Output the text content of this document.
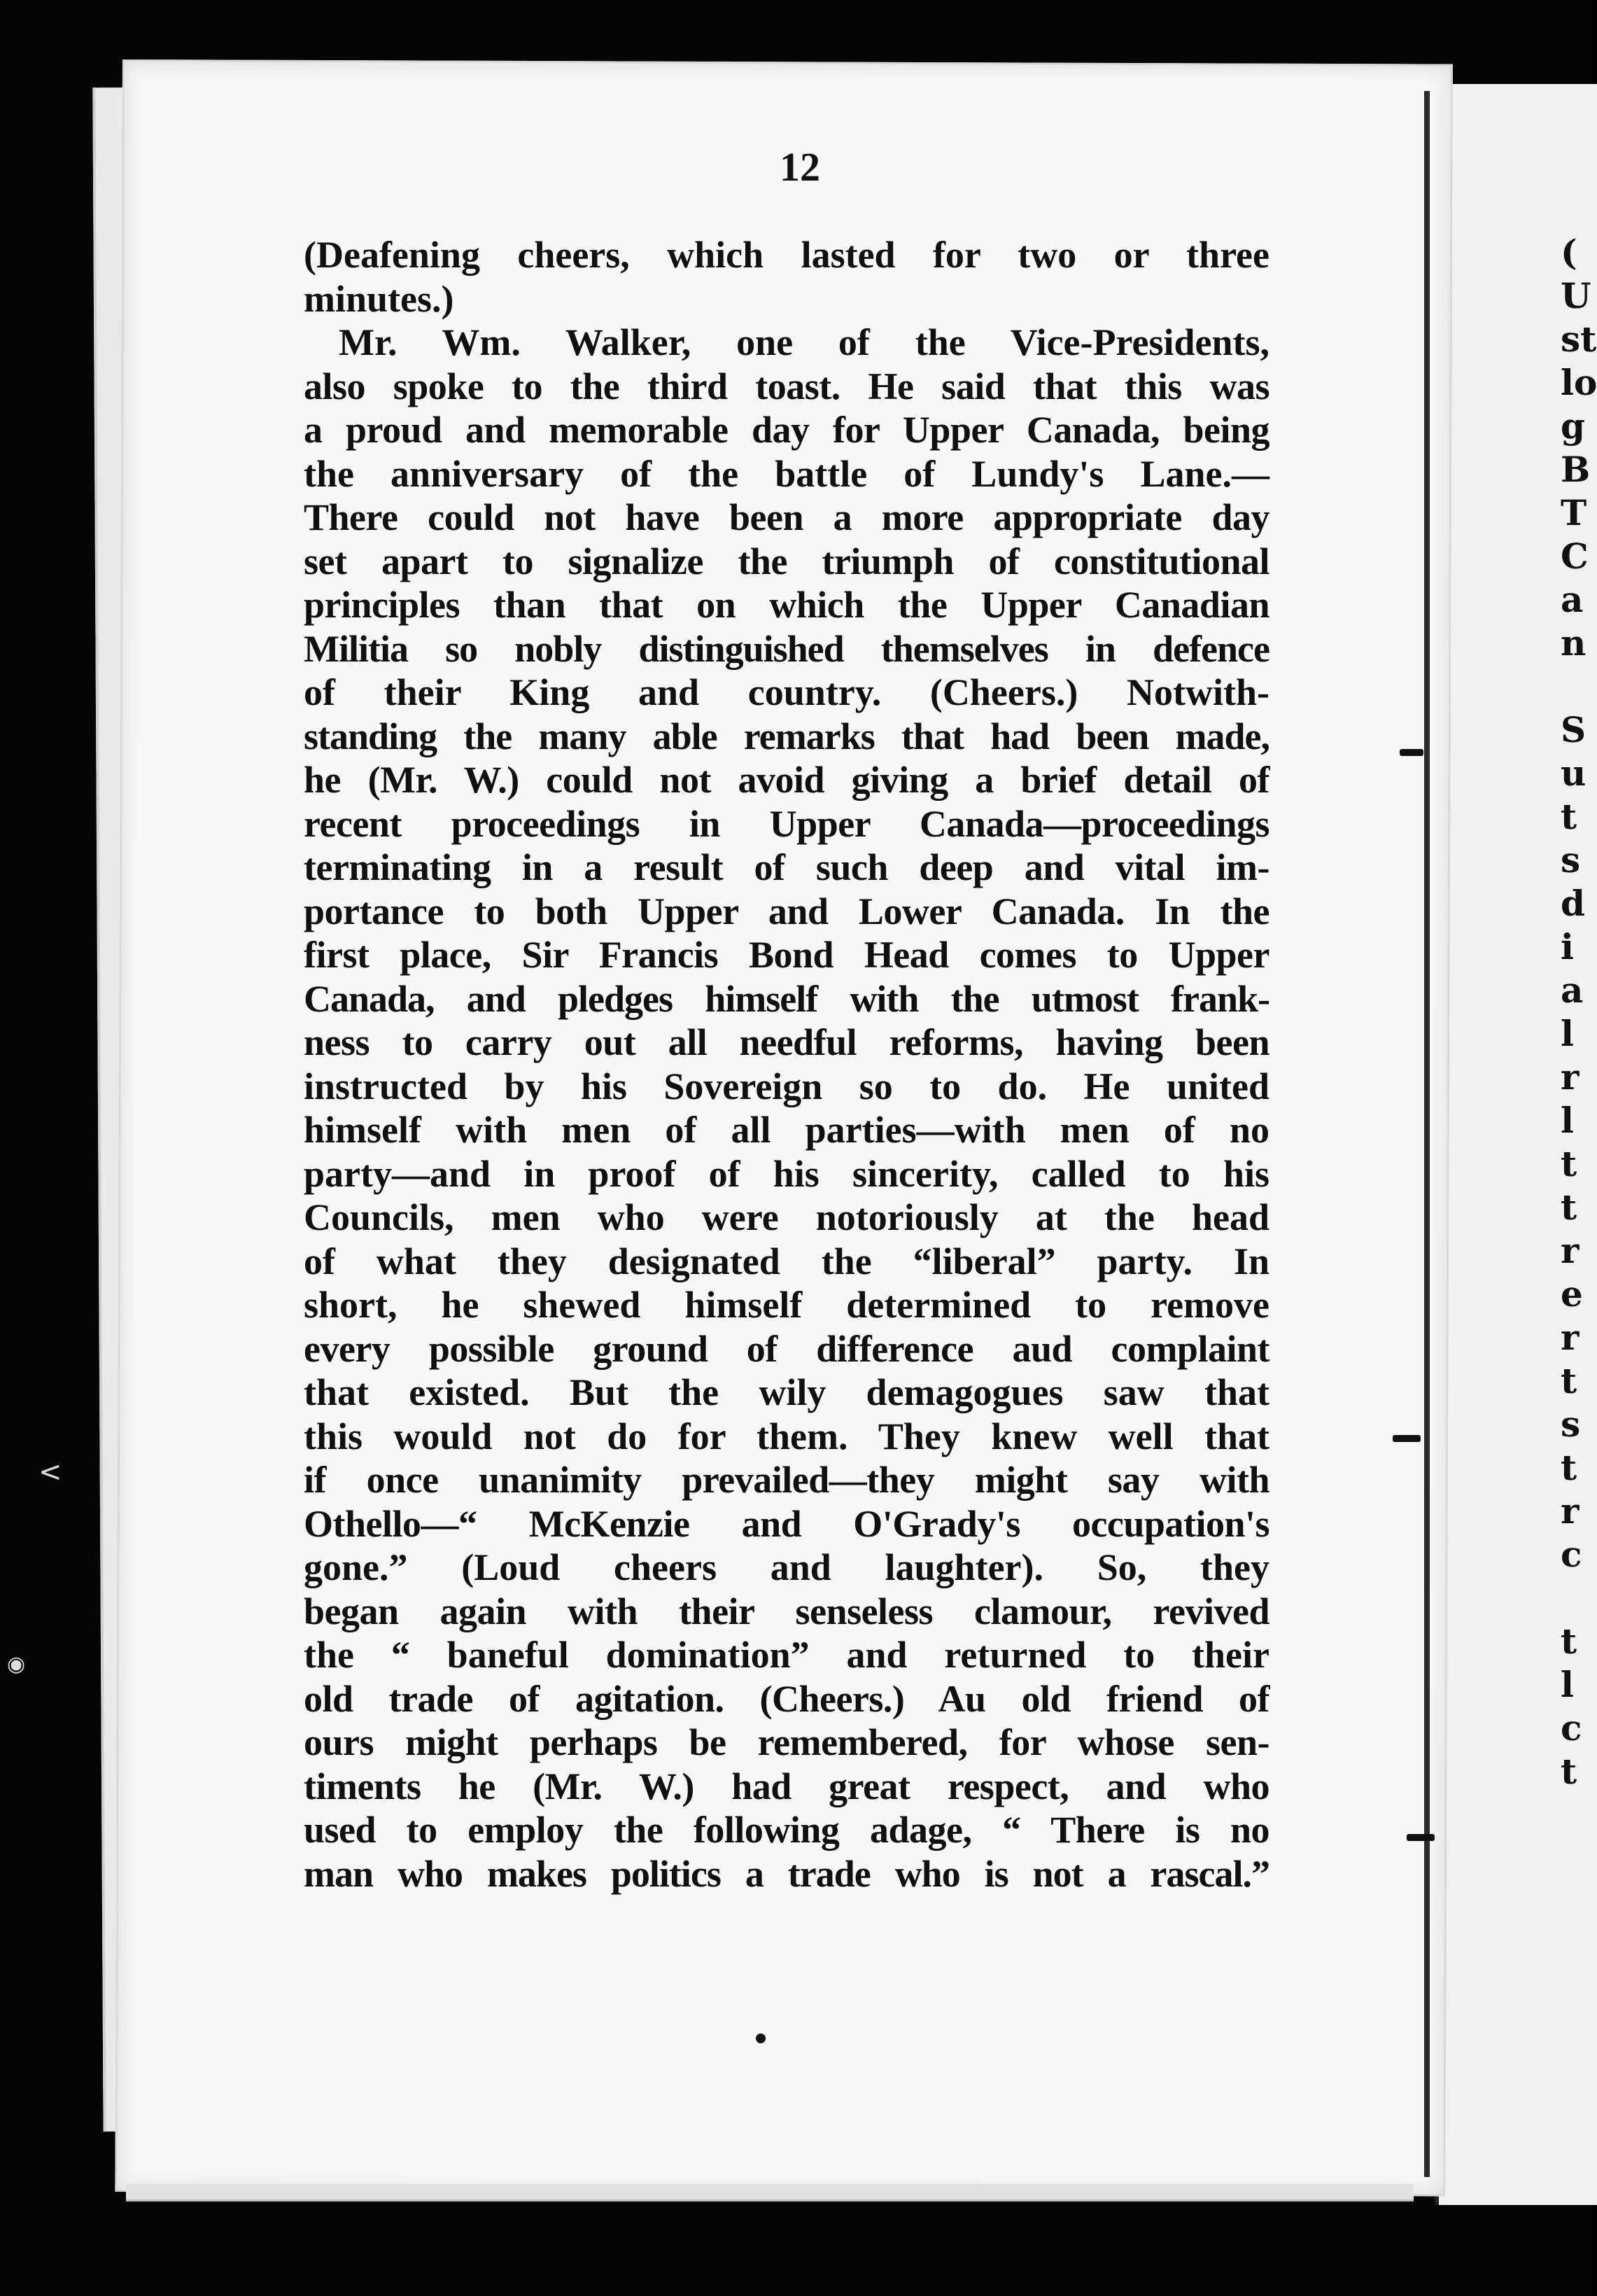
(
U
st
lo
g
B
T
C
a
n

S
u
t
s
d
i
a
l
r
l
t
t
r
e
r
t
s
t
r
c

t
l
c
t
12
(Deafening cheers, which lasted for two or three
minutes.)
Mr. Wm. Walker, one of the Vice-Presidents,
also spoke to the third toast. He said that this was
a proud and memorable day for Upper Canada, being
the anniversary of the battle of Lundy's Lane.—
There could not have been a more appropriate day
set apart to signalize the triumph of constitutional
principles than that on which the Upper Canadian
Militia so nobly distinguished themselves in defence
of their King and country. (Cheers.) Notwith-
standing the many able remarks that had been made,
he (Mr. W.) could not avoid giving a brief detail of
recent proceedings in Upper Canada—proceedings
terminating in a result of such deep and vital im-
portance to both Upper and Lower Canada. In the
first place, Sir Francis Bond Head comes to Upper
Canada, and pledges himself with the utmost frank-
ness to carry out all needful reforms, having been
instructed by his Sovereign so to do. He united
himself with men of all parties—with men of no
party—and in proof of his sincerity, called to his
Councils, men who were notoriously at the head
of what they designated the “liberal” party. In
short, he shewed himself determined to remove
every possible ground of difference aud complaint
that existed. But the wily demagogues saw that
this would not do for them. They knew well that
if once unanimity prevailed—they might say with
Othello—“ McKenzie and O'Grady's occupation's
gone.” (Loud cheers and laughter). So, they
began again with their senseless clamour, revived
the “ baneful domination” and returned to their
old trade of agitation. (Cheers.) Au old friend of
ours might perhaps be remembered, for whose sen-
timents he (Mr. W.) had great respect, and who
used to employ the following adage, “ There is no
man who makes politics a trade who is not a rascal.”
<
◉
